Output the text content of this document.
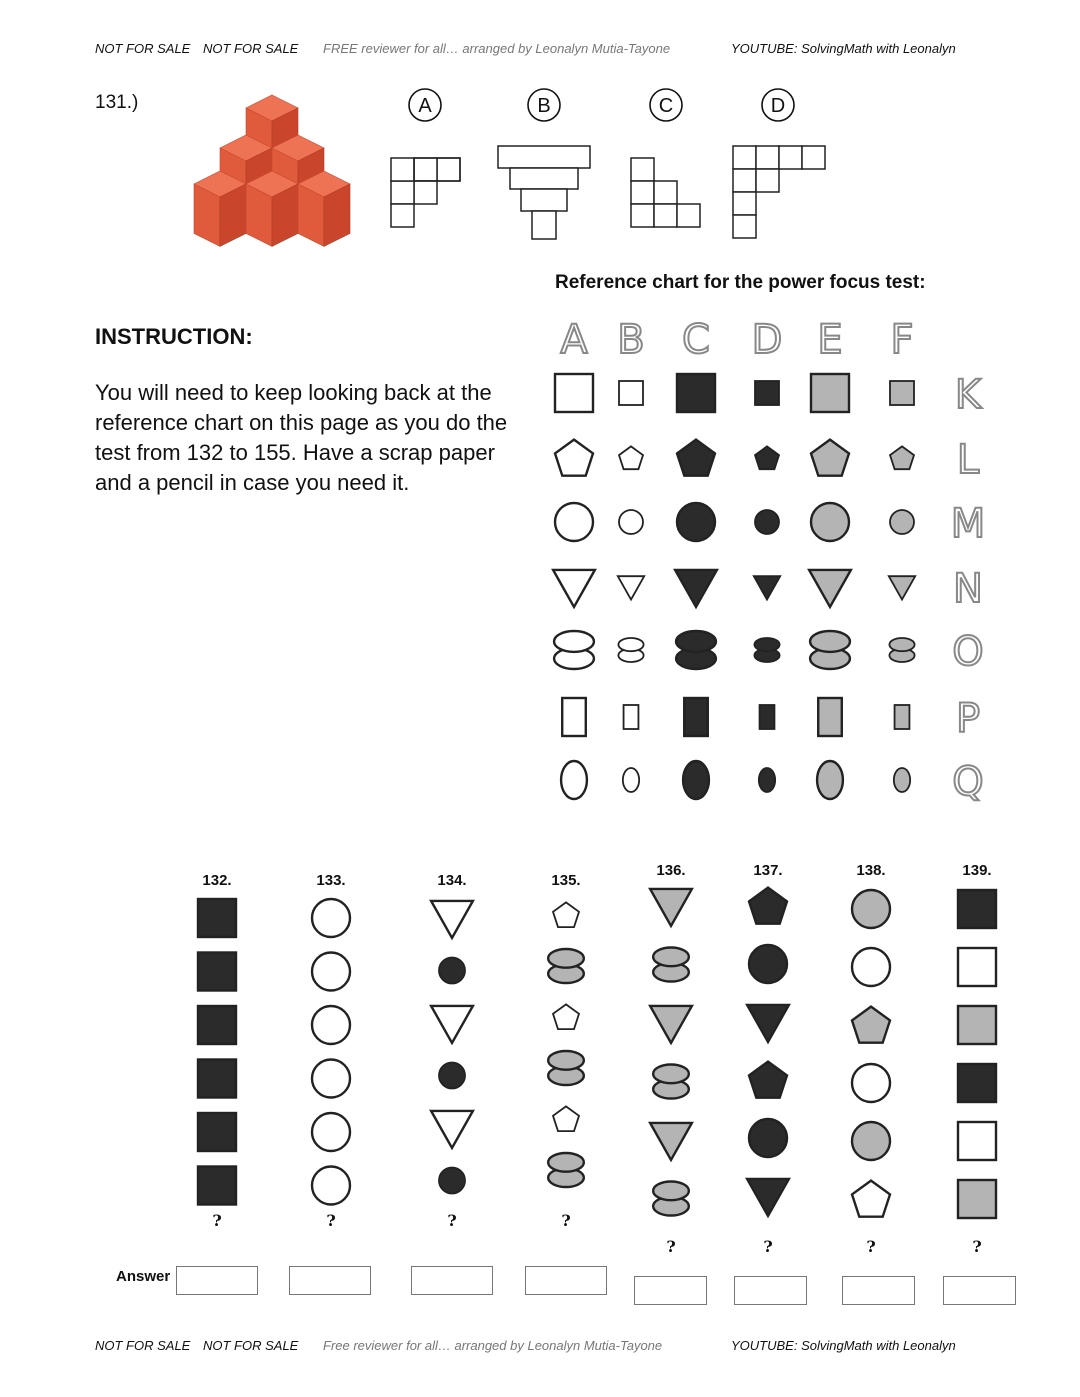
NOT FOR SALE NOT FOR SALE FREE reviewer for all… arranged by Leonalyn Mutia-Tayone	YOUTUBE: SolvingMath with Leonalyn
131.)	A	B	C	D
INSTRUCTION:
You will need to keep looking back at the reference chart on this page as you do the test from 132 to 155. Have a scrap paper and a pencil in case you need it.
Reference chart for the power focus test:
A B C D E F
K
L
M
N
O
P
Q
132.
?
133.
?
134.
?
135.
?
136.
?
137.
?
138.
?
139.
?
Answer
NOT FOR SALE NOT FOR SALE Free reviewer for all… arranged by Leonalyn Mutia-Tayone	YOUTUBE: SolvingMath with Leonalyn
